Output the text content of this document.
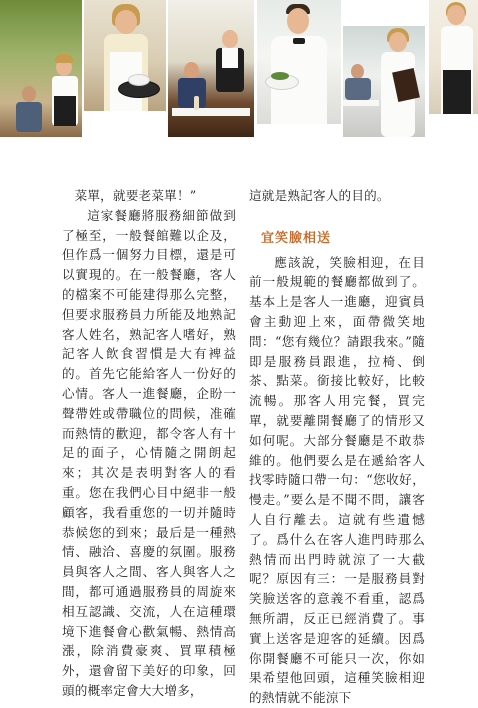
菜單，就要老菜單！”

這家餐廳將服務細節做到了極至，一般餐館難以企及，但作爲一個努力目標，還是可以實現的。在一般餐廳，客人的檔案不可能建得那么完整，但要求服務員力所能及地熟記客人姓名，熟記客人嗜好，熟記客人飲食習慣是大有裨益的。首先它能給客人一份好的心情。客人一進餐廳，企盼一聲帶姓或帶職位的問候，准確而熱情的歡迎，都令客人有十足的面子，心情隨之開朗起來；其次是表明對客人的看重。您在我們心目中絕非一般顧客，我看重您的一切并隨時恭候您的到來；最后是一種熱情、融洽、喜慶的氛圍。服務員與客人之間、客人與客人之間，都可通過服務員的周旋來相互認識、交流，人在這種環境下進餐會心歡氣暢、熱情高漲，除消費豪爽、買單積極外，還會留下美好的印象，回頭的概率定會大大增多，

這就是熟記客人的目的。

宜笑臉相送

應該說，笑臉相迎，在目前一般規範的餐廳都做到了。基本上是客人一進廳，迎賓員會主動迎上來，面帶微笑地問：“您有幾位？請跟我來。”隨即是服務員跟進，拉椅、倒茶、點菜。銜接比較好，比較流暢。那客人用完餐，買完單，就要離開餐廳了的情形又如何呢。大部分餐廳是不敢恭維的。他們要么是在遞給客人找零時隨口帶一句：“您收好，慢走。”要么是不聞不問，讓客人自行離去。這就有些遺憾了。爲什么在客人進門時那么熱情而出門時就涼了一大截呢？原因有三：一是服務員對笑臉送客的意義不看重，認爲無所謂，反正已經消費了。事實上送客是迎客的延續。因爲你開餐廳不可能只一次，你如果希望他回頭，這種笑臉相迎的熱情就不能涼下
